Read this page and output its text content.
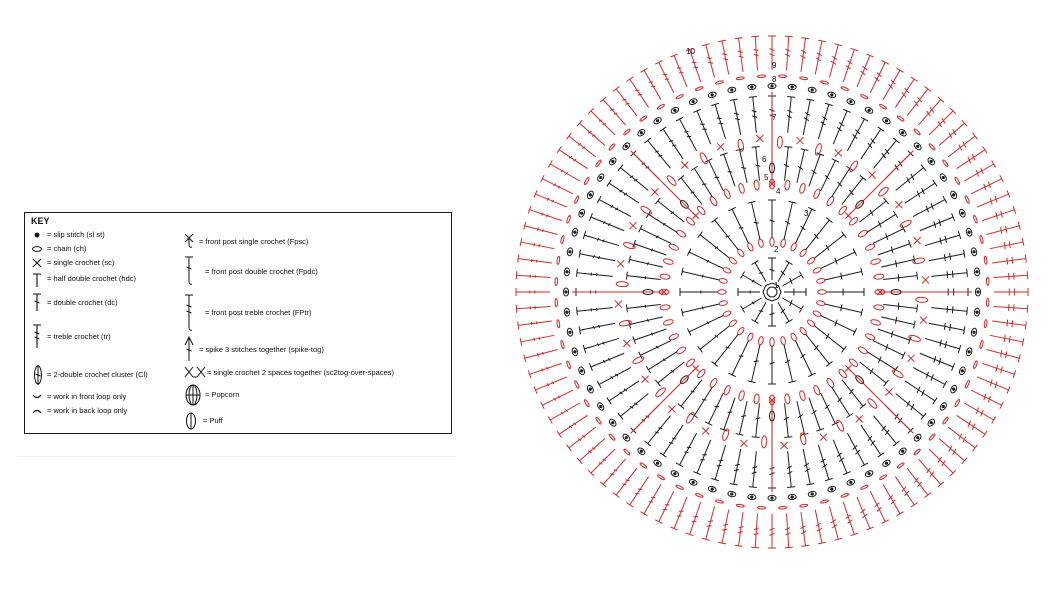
KEY
= slip stitch (sl st)
= chain (ch)
= single crochet (sc)
= half double crochet (hdc)
= double crochet (dc)
= treble crochet (tr)
= 2-double crochet cluster (Cl)
= work in front loop only
= work in back loop only
= front post single crochet (Fpsc)
= front post double crochet (Fpdc)
= front post treble crochet (FPtr)
= spike 3 stitches together (spike-tog)
= single crochet 2 spaces together (sc2tog-over-spaces)
= Popcorn
= Puff
1
2
3
4
5
6
7
8
9
10
